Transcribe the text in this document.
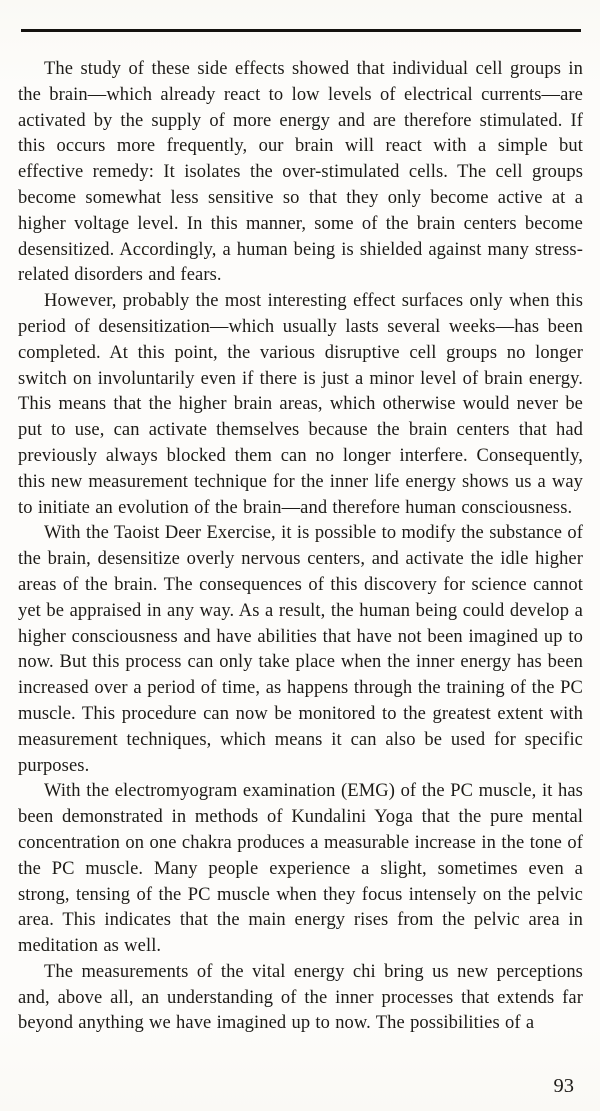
The study of these side effects showed that individual cell groups in the brain—which already react to low levels of electrical currents—are activated by the supply of more energy and are therefore stimulated. If this occurs more frequently, our brain will react with a simple but effective remedy: It isolates the over-stimulated cells. The cell groups become somewhat less sensitive so that they only become active at a higher voltage level. In this manner, some of the brain centers become desensitized. Accordingly, a human being is shielded against many stress-related disorders and fears.

However, probably the most interesting effect surfaces only when this period of desensitization—which usually lasts several weeks—has been completed. At this point, the various disruptive cell groups no longer switch on involuntarily even if there is just a minor level of brain energy. This means that the higher brain areas, which otherwise would never be put to use, can activate themselves because the brain centers that had previously always blocked them can no longer interfere. Consequently, this new measurement technique for the inner life energy shows us a way to initiate an evolution of the brain—and therefore human consciousness.

With the Taoist Deer Exercise, it is possible to modify the substance of the brain, desensitize overly nervous centers, and activate the idle higher areas of the brain. The consequences of this discovery for science cannot yet be appraised in any way. As a result, the human being could develop a higher consciousness and have abilities that have not been imagined up to now. But this process can only take place when the inner energy has been increased over a period of time, as happens through the training of the PC muscle. This procedure can now be monitored to the greatest extent with measurement techniques, which means it can also be used for specific purposes.

With the electromyogram examination (EMG) of the PC muscle, it has been demonstrated in methods of Kundalini Yoga that the pure mental concentration on one chakra produces a measurable increase in the tone of the PC muscle. Many people experience a slight, sometimes even a strong, tensing of the PC muscle when they focus intensely on the pelvic area. This indicates that the main energy rises from the pelvic area in meditation as well.

The measurements of the vital energy chi bring us new perceptions and, above all, an understanding of the inner processes that extends far beyond anything we have imagined up to now. The possibilities of a

93
